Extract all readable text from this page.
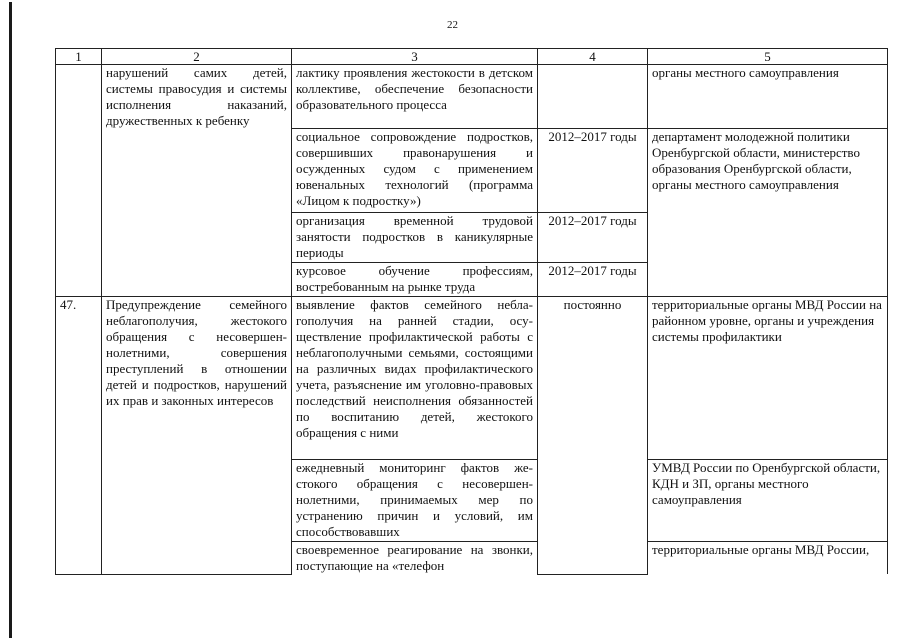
22
1	2	3	4	5
	нарушений самих детей, системы правосудия и системы исполнения наказаний, дружественных к ребенку	лактику проявления жестокости в детском коллективе, обеспечение безопасности образовательного процесса		органы местного самоуправления
		социальное сопровождение подростков, совершивших правонарушения и осужденных судом с применением ювенальных технологий (программа «Лицом к подростку»)	2012–2017 годы	департамент молодежной политики Оренбургской области, министерство образования Оренбургской области, органы местного самоуправления
		организация временной трудовой занятости подростков в каникулярные периоды	2012–2017 годы	
		курсовое обучение профессиям, востребованным на рынке труда	2012–2017 годы	
47.	Предупреждение семейного неблагополучия, жестокого обращения с несовершеннолетними, совершения преступлений в отношении детей и подростков, нарушений их прав и законных интересов	выявление фактов семейного неблагополучия на ранней стадии, осуществление профилактической работы с неблагополучными семьями, состоящими на различных видах профилактического учета, разъяснение им уголовно-правовых последствий неисполнения обязанностей по воспитанию детей, жестокого обращения с ними	постоянно	территориальные органы МВД России на районном уровне, органы и учреждения системы профилактики
		ежедневный мониторинг фактов жестокого обращения с несовершеннолетними, принимаемых мер по устранению причин и условий, им способствовавших		УМВД России по Оренбургской области, КДН и ЗП, органы местного самоуправления

		своевременное реагирование на звонки, поступающие на «телефон		территориальные органы МВД России,
